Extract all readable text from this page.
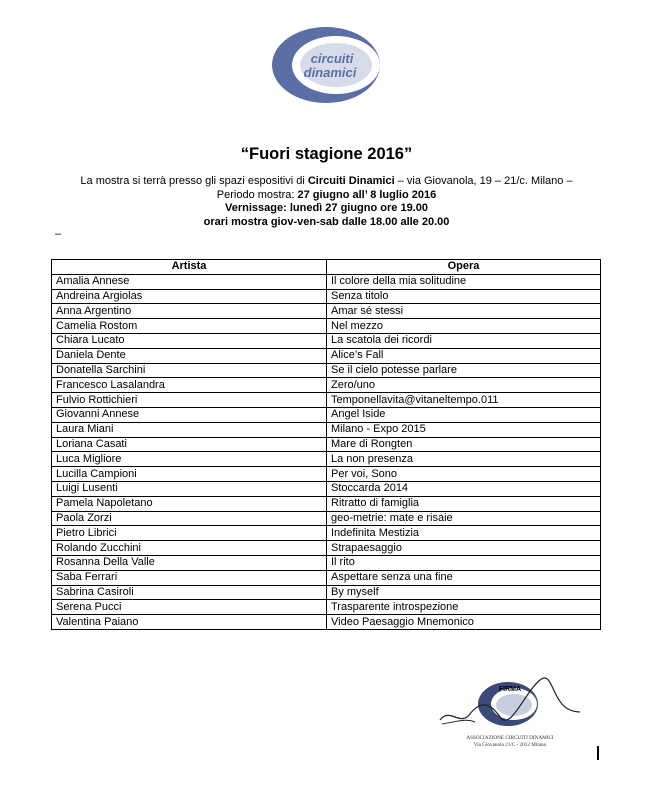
circuiti
dinamici
“Fuori stagione 2016”
La mostra si terrà presso gli spazi espositivi di Circuiti Dinamici – via Giovanola, 19 – 21/c. Milano –
Periodo mostra: 27 giugno all’ 8 luglio 2016
Vernissage: lunedì 27 giugno ore 19.00
orari mostra giov-ven-sab dalle 18.00 alle 20.00
–
Artista	Opera
Amalia Annese	Il colore della mia solitudine
Andreina Argiolas	Senza titolo
Anna Argentino	Amar sé stessi
Camelia Rostom	Nel mezzo
Chiara Lucato	La scatola dei ricordi
Daniela Dente	Alice’s Fall
Donatella Sarchini	Se il cielo potesse parlare
Francesco Lasalandra	Zero/uno
Fulvio Rottichieri	Temponellavita@vitaneltempo.011
Giovanni Annese	Angel Iside
Laura Miani	Milano - Expo 2015
Loriana Casati	Mare di Rongten
Luca Migliore	La non presenza
Lucilla Campioni	Per voi, Sono
Luigi Lusenti	Stoccarda 2014
Pamela Napoletano	Ritratto di famiglia
Paola Zorzi	geo-metrie: mate e risaie
Pietro Librici	Indefinita Mestizia
Rolando Zucchini	Strapaesaggio
Rosanna Della Valle	Il rito
Saba Ferrari	Aspettare senza una fine
Sabrina Casiroli	By myself
Serena Pucci	Trasparente introspezione
Valentina Paiano	Video Paesaggio Mnemonico
FIRMA
ASSOCIAZIONE CIRCUITI DINAMICI
Via Giovanola 21/C - 2012 Milano
